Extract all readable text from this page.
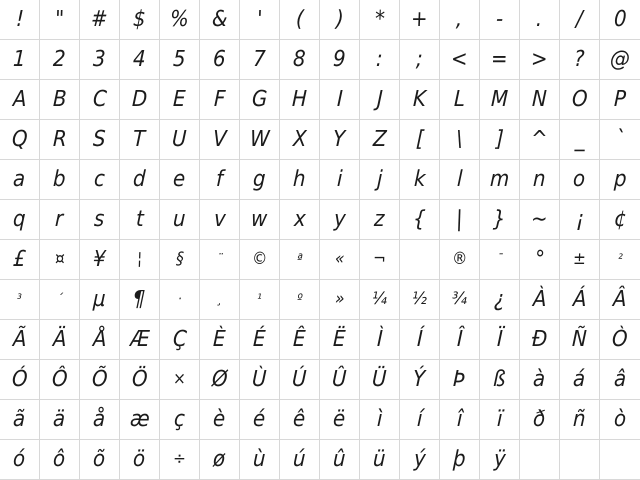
! " # $ % & ' ( ) * + , - . / 0
1 2 3 4 5 6 7 8 9 : ; < = > ? @
A B C D E F G H I J K L M N O P
Q R S T U V W X Y Z [ \ ] ^ _ `
a b c d e f g h i j k l m n o p
q r s t u v w x y z { | } ~ ¡ ¢
£ ¤ ¥ ¦ §	¨ © ª « ¬  ® ¯ ° ± ²
³	´ µ ¶ ·	¸	¹	º » ¼ ½ ¾ ¿ À Á Â
Ã Ä Å Æ Ç È É Ê Ë Ì Í Î Ï Ð Ñ Ò
Ó Ô Õ Ö × Ø Ù Ú Û Ü Ý Þ ß à á â
ã ä å æ ç è é ê ë ì í î ï ð ñ ò
ó ô õ ö ÷ ø ù ú û ü ý þ ÿ
